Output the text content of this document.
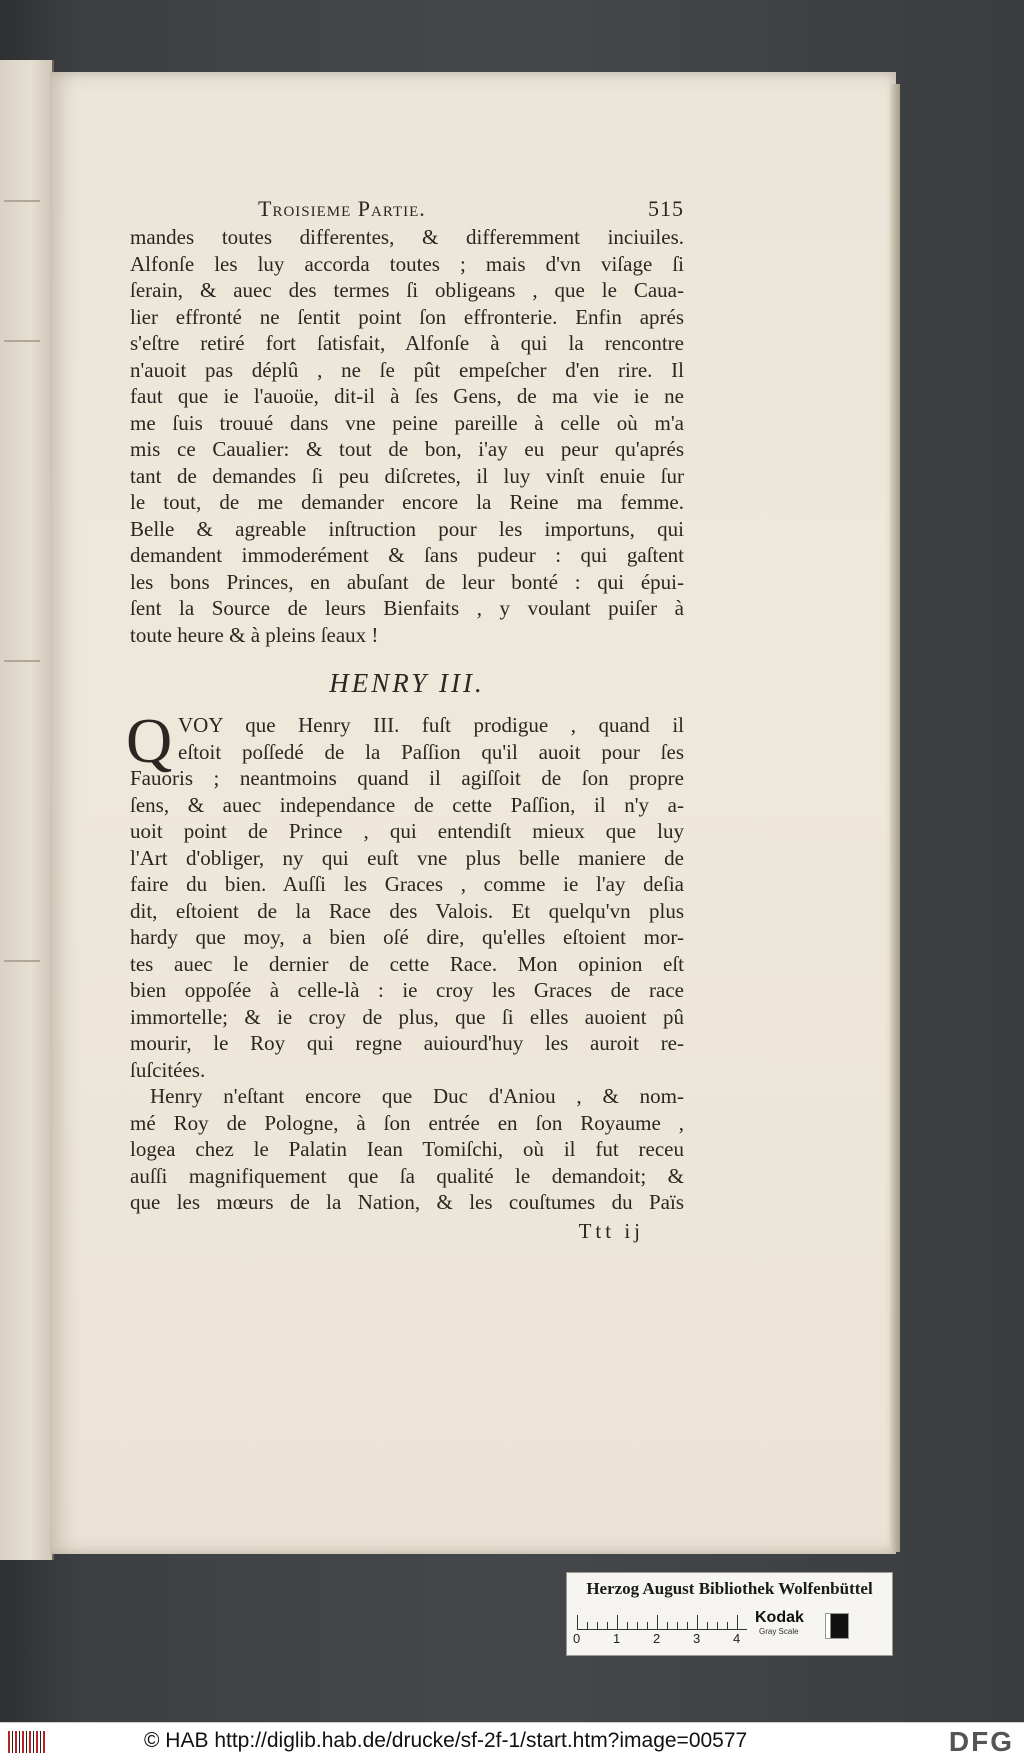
Troisieme Partie.	515
mandes toutes differentes, & differemment inciuiles.
Alfonſe les luy accorda toutes ; mais d'vn viſage ſi
ſerain, & auec des termes ſi obligeans , que le Caua-
lier effronté ne ſentit point ſon effronterie. Enfin aprés
s'eſtre retiré fort ſatisfait, Alfonſe à qui la rencontre
n'auoit pas déplû , ne ſe pût empeſcher d'en rire. Il
faut que ie l'auoüe, dit-il à ſes Gens, de ma vie ie ne
me ſuis trouué dans vne peine pareille à celle où m'a
mis ce Caualier: & tout de bon, i'ay eu peur qu'aprés
tant de demandes ſi peu diſcretes, il luy vinſt enuie ſur
le tout, de me demander encore la Reine ma femme.
Belle & agreable inſtruction pour les importuns, qui
demandent immoderément & ſans pudeur : qui gaſtent
les bons Princes, en abuſant de leur bonté : qui épui-
ſent la Source de leurs Bienfaits , y voulant puiſer à
toute heure & à pleins ſeaux !
HENRY III.
Q VOY que Henry III. fuſt prodigue , quand il
eſtoit poſſedé de la Paſſion qu'il auoit pour ſes
Fauoris ; neantmoins quand il agiſſoit de ſon propre
ſens, & auec independance de cette Paſſion, il n'y a-
uoit point de Prince , qui entendiſt mieux que luy
l'Art d'obliger, ny qui euſt vne plus belle maniere de
faire du bien. Auſſi les Graces , comme ie l'ay deſia
dit, eſtoient de la Race des Valois. Et quelqu'vn plus
hardy que moy, a bien oſé dire, qu'elles eſtoient mor-
tes auec le dernier de cette Race. Mon opinion eſt
bien oppoſée à celle-là : ie croy les Graces de race
immortelle; & ie croy de plus, que ſi elles auoient pû
mourir, le Roy qui regne auiourd'huy les auroit re-
ſuſcitées.
Henry n'eſtant encore que Duc d'Aniou , & nom-
mé Roy de Pologne, à ſon entrée en ſon Royaume ,
logea chez le Palatin Iean Tomiſchi, où il fut receu
auſſi magnifiquement que ſa qualité le demandoit; &
que les mœurs de la Nation, & les couſtumes du Païs
Ttt ij
Herzog August Bibliothek Wolfenbüttel
0	1	2	3	4
Kodak
Gray Scale
© HAB http://diglib.hab.de/drucke/sf-2f-1/start.htm?image=00577	DFG
